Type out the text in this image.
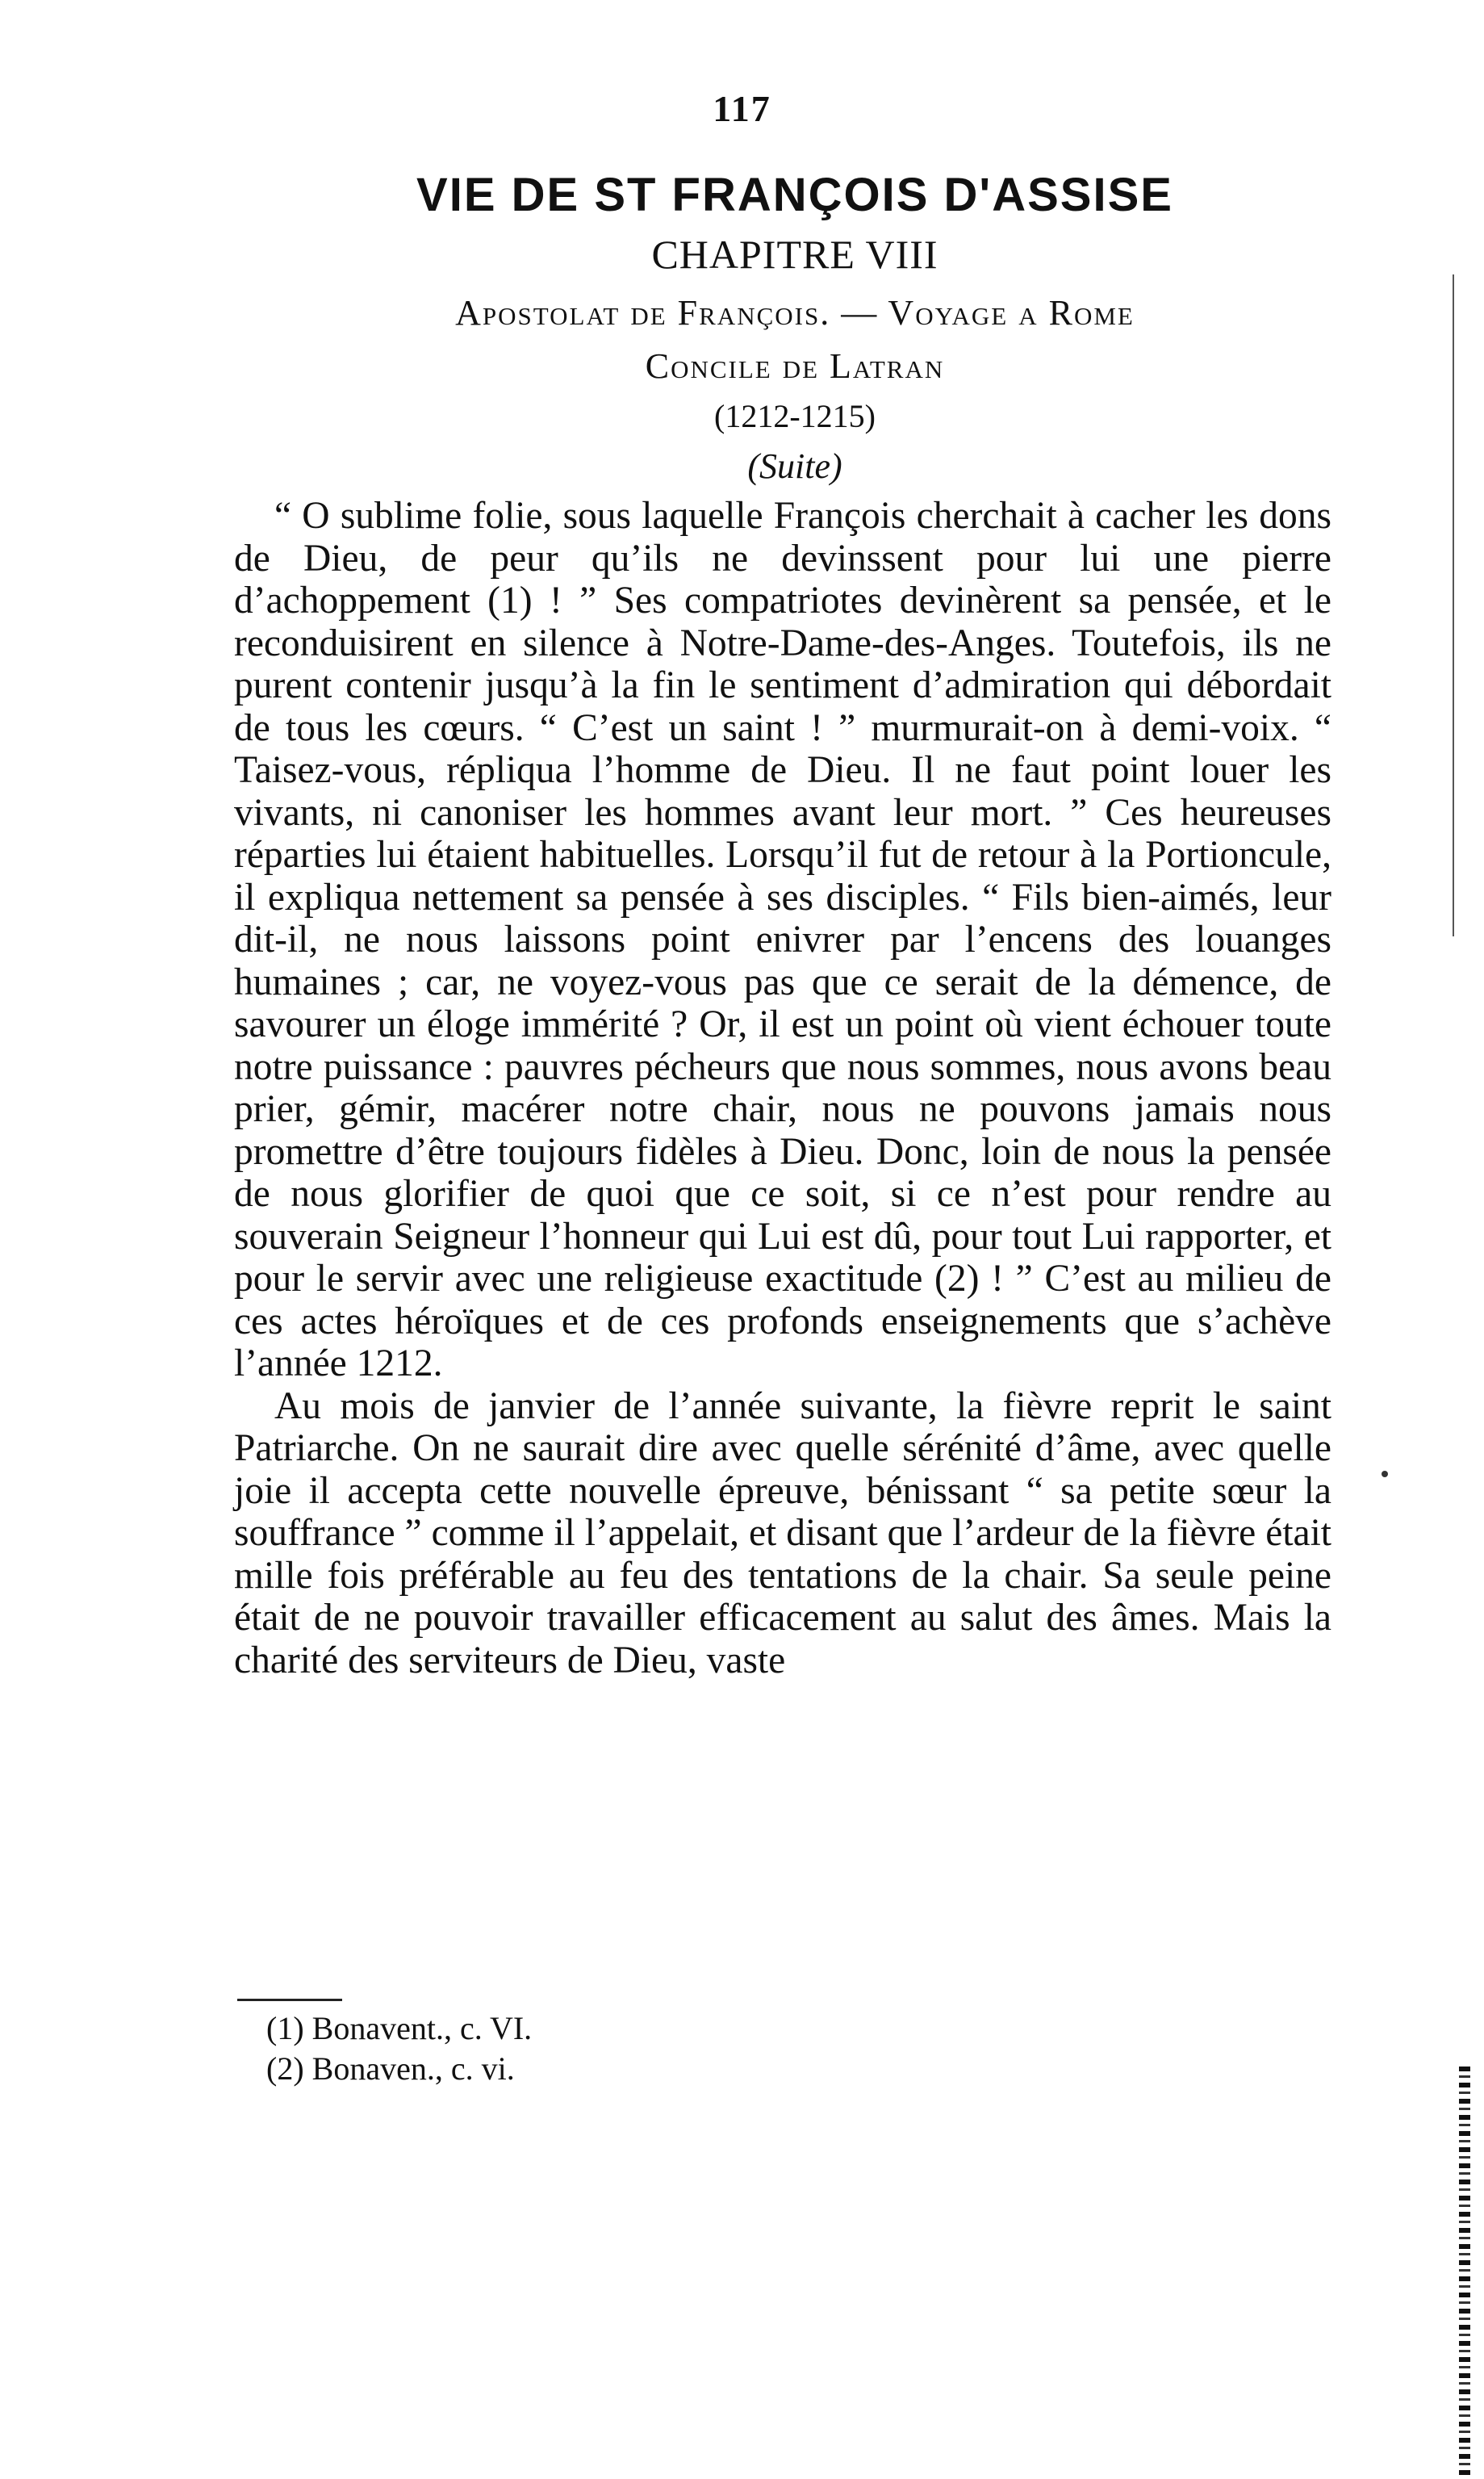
117
VIE DE ST FRANÇOIS D'ASSISE
CHAPITRE VIII
Apostolat de François. — Voyage a Rome
Concile de Latran
(1212-1215)
(Suite)

“ O sublime folie, sous laquelle François cherchait à cacher les dons de Dieu, de peur qu’ils ne devinssent pour lui une pierre d’achoppement (1) ! ” Ses compatriotes devinèrent sa pensée, et le reconduisirent en silence à Notre-Dame-des-Anges. Toutefois, ils ne purent contenir jusqu’à la fin le sentiment d’admiration qui débordait de tous les cœurs. “ C’est un saint ! ” murmurait-on à demi-voix. “ Taisez-vous, répliqua l’homme de Dieu. Il ne faut point louer les vivants, ni canoniser les hommes avant leur mort. ” Ces heureuses réparties lui étaient habituelles. Lorsqu’il fut de retour à la Portioncule, il expliqua nettement sa pensée à ses disciples. “ Fils bien-aimés, leur dit-il, ne nous laissons point enivrer par l’encens des louanges humaines ; car, ne voyez-vous pas que ce serait de la démence, de savourer un éloge immérité ? Or, il est un point où vient échouer toute notre puissance : pauvres pécheurs que nous sommes, nous avons beau prier, gémir, macérer notre chair, nous ne pouvons jamais nous promettre d’être toujours fidèles à Dieu. Donc, loin de nous la pensée de nous glorifier de quoi que ce soit, si ce n’est pour rendre au souverain Seigneur l’honneur qui Lui est dû, pour tout Lui rapporter, et pour le servir avec une religieuse exactitude (2) ! ” C’est au milieu de ces actes héroïques et de ces profonds enseignements que s’achève l’année 1212.

Au mois de janvier de l’année suivante, la fièvre reprit le saint Patriarche. On ne saurait dire avec quelle sérénité d’âme, avec quelle joie il accepta cette nouvelle épreuve, bénissant “ sa petite sœur la souffrance ” comme il l’appelait, et disant que l’ardeur de la fièvre était mille fois préférable au feu des tentations de la chair. Sa seule peine était de ne pouvoir travailler efficacement au salut des âmes. Mais la charité des serviteurs de Dieu, vaste

(1) Bonavent., c. VI.
(2) Bonaven., c. vi.
